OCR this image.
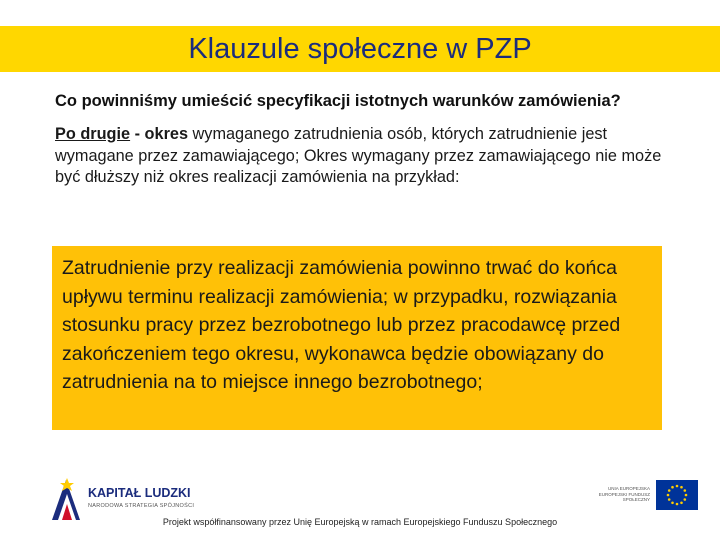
Klauzule społeczne w PZP
Co powinniśmy umieścić specyfikacji istotnych warunków zamówienia?
Po drugie - okres wymaganego zatrudnienia osób, których zatrudnienie jest wymagane przez zamawiającego; Okres wymagany przez zamawiającego nie może być dłuższy niż okres realizacji zamówienia na przykład:
Zatrudnienie przy realizacji zamówienia powinno trwać do końca upływu terminu realizacji zamówienia; w przypadku, rozwiązania stosunku pracy przez bezrobotnego lub przez pracodawcę przed zakończeniem tego okresu, wykonawca będzie obowiązany do zatrudnienia na to miejsce innego bezrobotnego;
KAPITAŁ LUDZKI
NARODOWA STRATEGIA SPÓJNOŚCI
UNIA EUROPEJSKA EUROPEJSKI FUNDUSZ SPOŁECZNY
Projekt współfinansowany przez Unię Europejską w ramach Europejskiego Funduszu Społecznego
